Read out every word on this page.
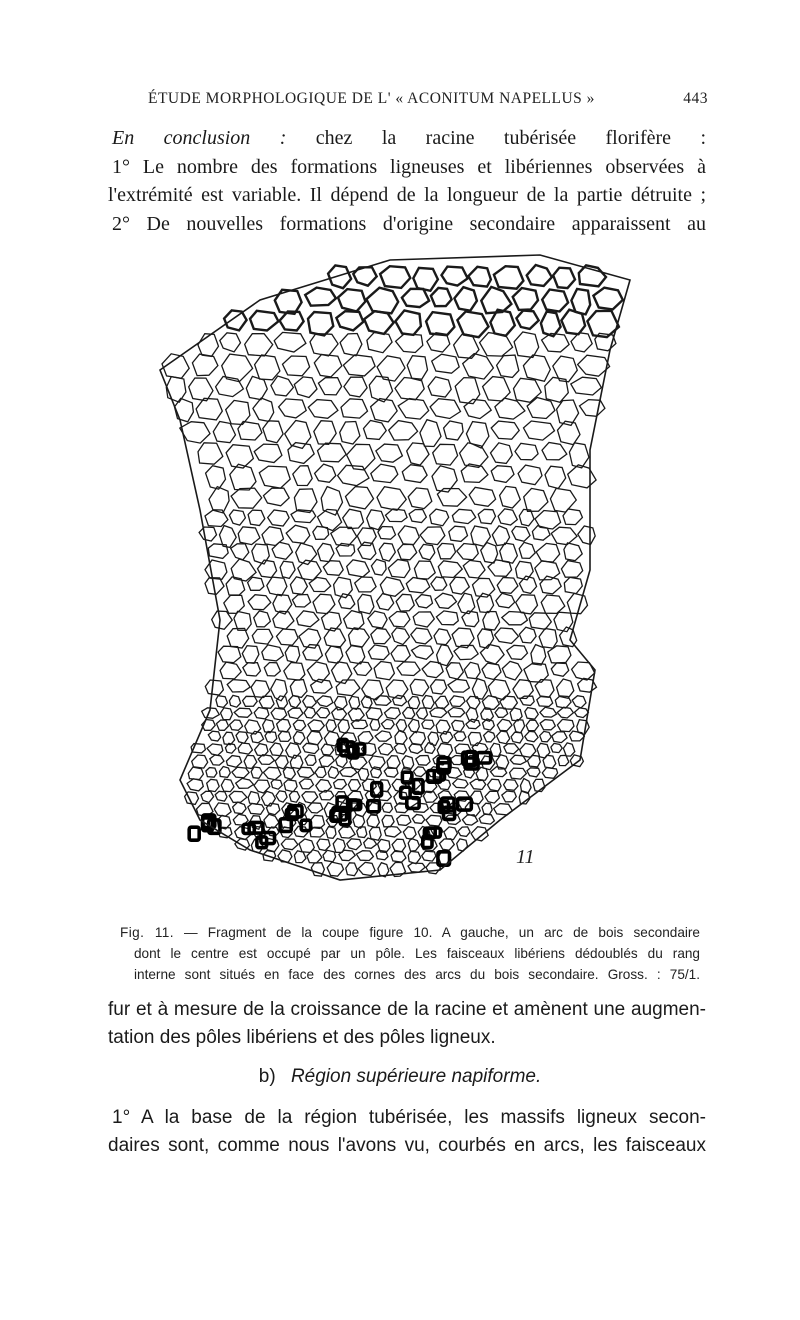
ÉTUDE MORPHOLOGIQUE DE L' « ACONITUM NAPELLUS »	443
En conclusion : chez la racine tubérisée florifère :
1° Le nombre des formations ligneuses et libériennes observées à
l'extrémité est variable. Il dépend de la longueur de la partie détruite ;
2° De nouvelles formations d'origine secondaire apparaissent au
11
Fig. 11. — Fragment de la coupe figure 10. A gauche, un arc de bois secondaire
dont le centre est occupé par un pôle. Les faisceaux libériens dédoublés du rang
interne sont situés en face des cornes des arcs du bois secondaire. Gross. : 75/1.
fur et à mesure de la croissance de la racine et amènent une augmen-
tation des pôles libériens et des pôles ligneux.
b) Région supérieure napiforme.
1° A la base de la région tubérisée, les massifs ligneux secon-
daires sont, comme nous l'avons vu, courbés en arcs, les faisceaux
